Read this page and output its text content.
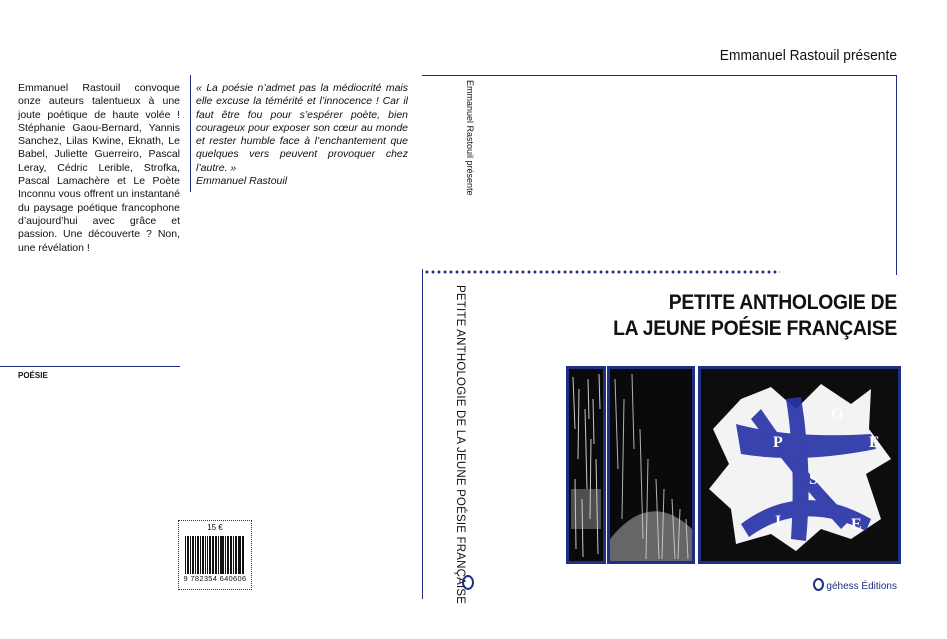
Emmanuel Rastouil convoque onze auteurs talentueux à une joute poétique de haute volée ! Stéphanie Gaou-Bernard, Yannis Sanchez, Lilas Kwine, Eknath, Le Babel, Juliette Guerreiro, Pascal Leray, Cédric Lerible, Strofka, Pascal Lamachère et Le Poète Inconnu vous offrent un instantané du paysage poétique francophone d’aujourd’hui avec grâce et passion. Une découverte ? Non, une révélation !
POÉSIE
« La poésie n’admet pas la médiocrité mais elle excuse la témérité et l’innocence ! Car il faut être fou pour s’espérer poète, bien courageux pour exposer son cœur au monde et rester humble face à l’enchantement que quelques vers peuvent provoquer chez l’autre. »
Emmanuel Rastouil
15 €
9 782354 640606
Emmanuel Rastouil présente
PETITE ANTHOLOGIE DE LA JEUNE POÉSIE FRANÇAISE
Emmanuel Rastouil présente
PETITE ANTHOLOGIE DE
LA JEUNE POÉSIE FRANÇAISE
P
O
E
S
I	E
géhess Éditions
